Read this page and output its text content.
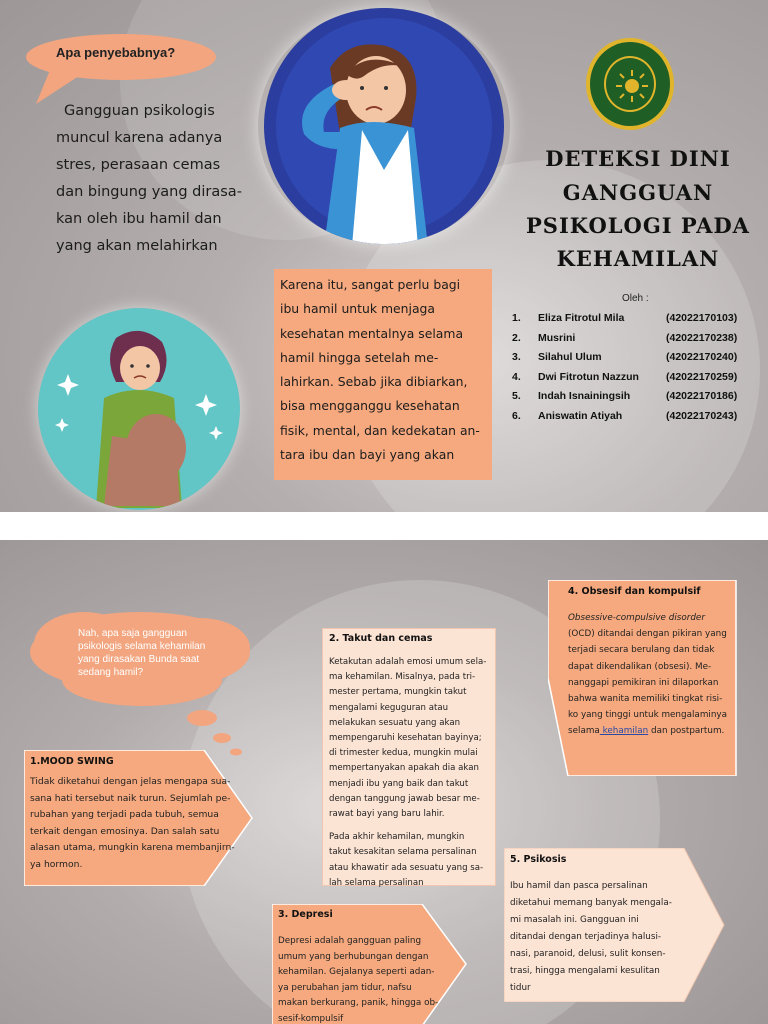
Apa penyebabnya?
Gangguan psikologis
muncul karena adanya
stres, perasaan cemas
dan bingung yang dirasa-
kan oleh ibu hamil dan
yang akan melahirkan
DETEKSI DINI
GANGGUAN
PSIKOLOGI PADA
KEHAMILAN
Karena itu, sangat perlu bagi
ibu hamil untuk menjaga
kesehatan mentalnya selama
hamil hingga setelah me-
lahirkan. Sebab jika dibiarkan,
bisa mengganggu kesehatan
fisik, mental, dan kedekatan an-
tara ibu dan bayi yang akan
Oleh :
1. Eliza Fitrotul Mila	(42022170103)
2. Musrini	(42022170238)
3. Silahul Ulum	(42022170240)
4. Dwi Fitrotun Nazzun	(42022170259)
5. Indah Isnainingsih	(42022170186)
6. Aniswatin Atiyah	(42022170243)
Nah, apa saja gangguan
psikologis selama kehamilan
yang dirasakan Bunda saat
sedang hamil?
1.MOOD SWING
Tidak diketahui dengan jelas mengapa sua-
sana hati tersebut naik turun. Sejumlah pe-
rubahan yang terjadi pada tubuh, semua
terkait dengan emosinya. Dan salah satu
alasan utama, mungkin karena membanjirn-
ya hormon.
2. Takut dan cemas
Ketakutan adalah emosi umum sela-
ma kehamilan. Misalnya, pada tri-
mester pertama, mungkin takut
mengalami keguguran atau
melakukan sesuatu yang akan
mempengaruhi kesehatan bayinya;
di trimester kedua, mungkin mulai
mempertanyakan apakah dia akan
menjadi ibu yang baik dan takut
dengan tanggung jawab besar me-
rawat bayi yang baru lahir.
Pada akhir kehamilan, mungkin
takut kesakitan selama persalinan
atau khawatir ada sesuatu yang sa-
lah selama persalinan
3. Depresi
Depresi adalah gangguan paling
umum yang berhubungan dengan
kehamilan. Gejalanya seperti adan-
ya perubahan jam tidur, nafsu
makan berkurang, panik, hingga ob-
sesif-kompulsif
4. Obsesif dan kompulsif
Obsessive-compulsive disorder
(OCD) ditandai dengan pikiran yang
terjadi secara berulang dan tidak
dapat dikendalikan (obsesi). Me-
nanggapi pemikiran ini dilaporkan
bahwa wanita memiliki tingkat risi-
ko yang tinggi untuk mengalaminya
selama kehamilan dan postpartum.
5. Psikosis
Ibu hamil dan pasca persalinan
diketahui memang banyak mengala-
mi masalah ini. Gangguan ini
ditandai dengan terjadinya halusi-
nasi, paranoid, delusi, sulit konsen-
trasi, hingga mengalami kesulitan
tidur
